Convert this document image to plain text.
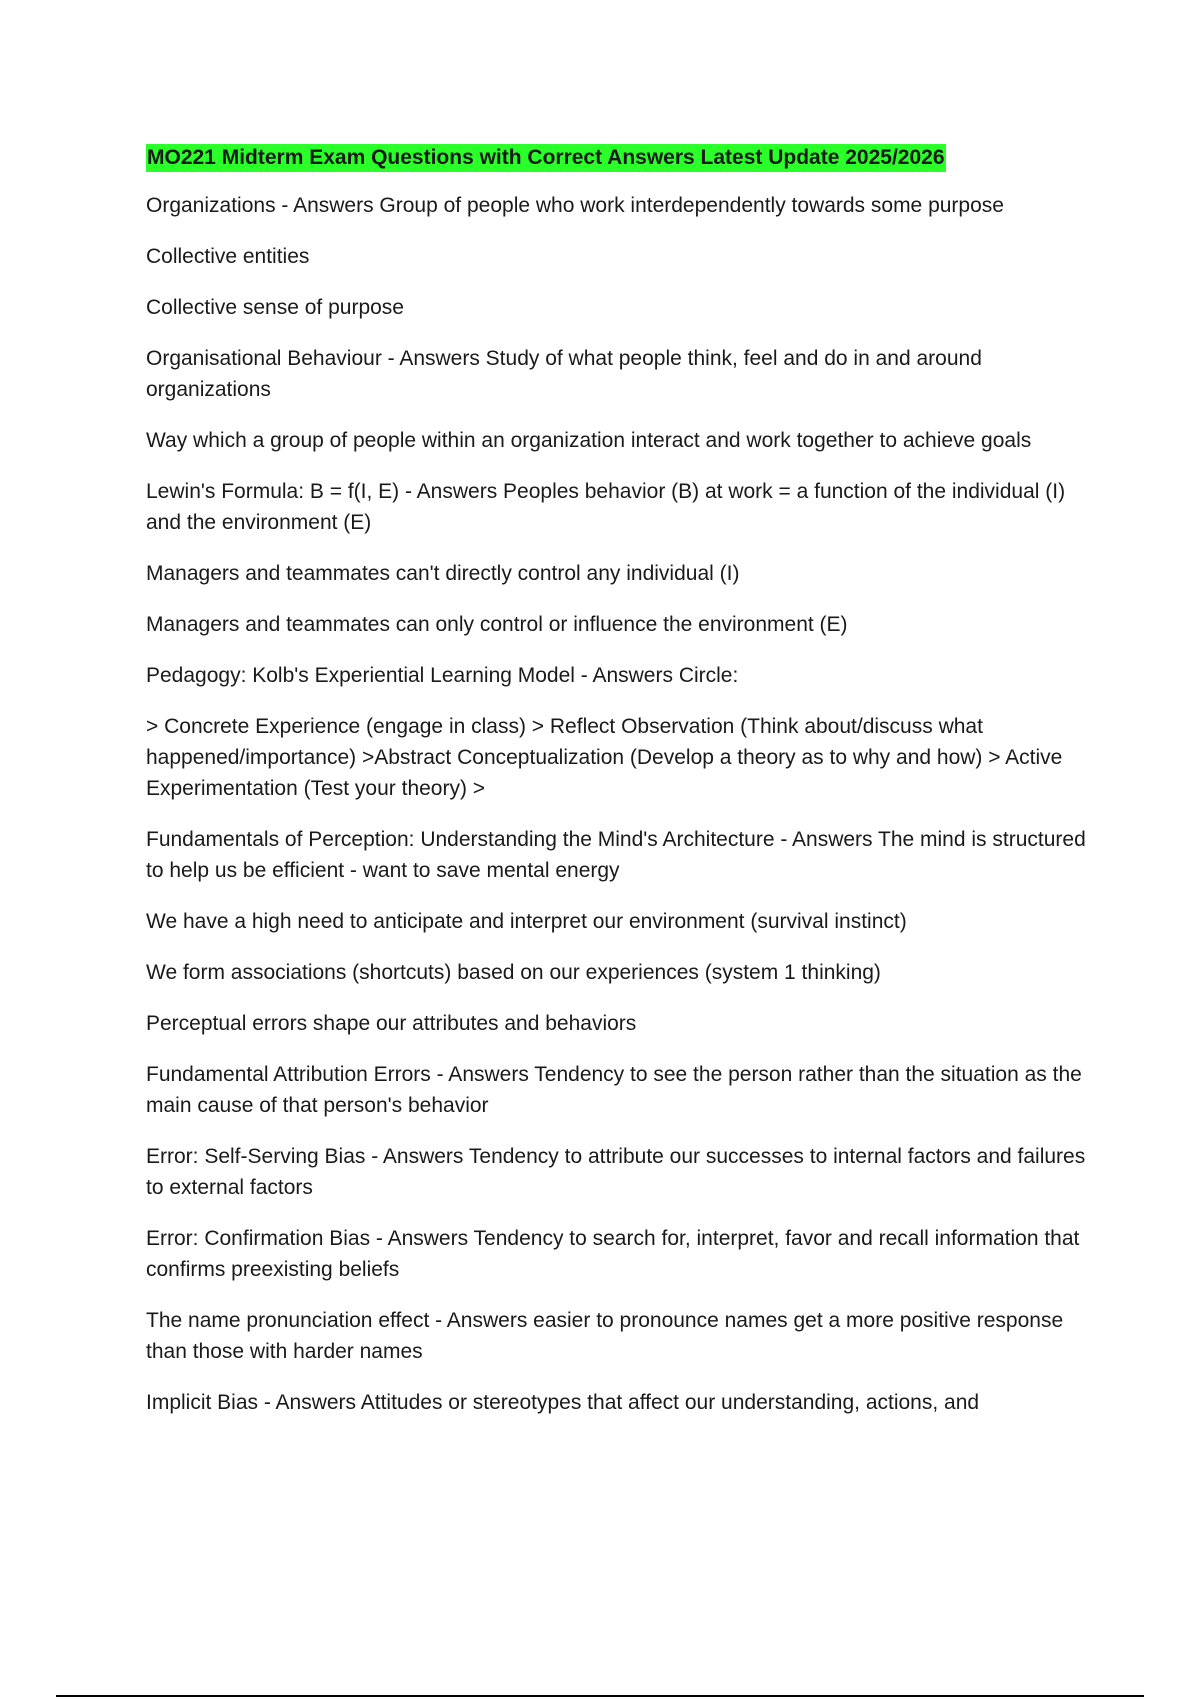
MO221 Midterm Exam Questions with Correct Answers Latest Update 2025/2026
Organizations - Answers Group of people who work interdependently towards some purpose
Collective entities
Collective sense of purpose
Organisational Behaviour - Answers Study of what people think, feel and do in and around organizations
Way which a group of people within an organization interact and work together to achieve goals
Lewin's Formula: B = f(I, E) - Answers Peoples behavior (B) at work = a function of the individual (I) and the environment (E)
Managers and teammates can't directly control any individual (I)
Managers and teammates can only control or influence the environment (E)
Pedagogy: Kolb's Experiential Learning Model - Answers Circle:
> Concrete Experience (engage in class) > Reflect Observation (Think about/discuss what happened/importance) >Abstract Conceptualization (Develop a theory as to why and how) > Active Experimentation (Test your theory) >
Fundamentals of Perception: Understanding the Mind's Architecture - Answers The mind is structured to help us be efficient - want to save mental energy
We have a high need to anticipate and interpret our environment (survival instinct)
We form associations (shortcuts) based on our experiences (system 1 thinking)
Perceptual errors shape our attributes and behaviors
Fundamental Attribution Errors - Answers Tendency to see the person rather than the situation as the main cause of that person's behavior
Error: Self-Serving Bias - Answers Tendency to attribute our successes to internal factors and failures to external factors
Error: Confirmation Bias - Answers Tendency to search for, interpret, favor and recall information that confirms preexisting beliefs
The name pronunciation effect - Answers easier to pronounce names get a more positive response than those with harder names
Implicit Bias - Answers Attitudes or stereotypes that affect our understanding, actions, and
